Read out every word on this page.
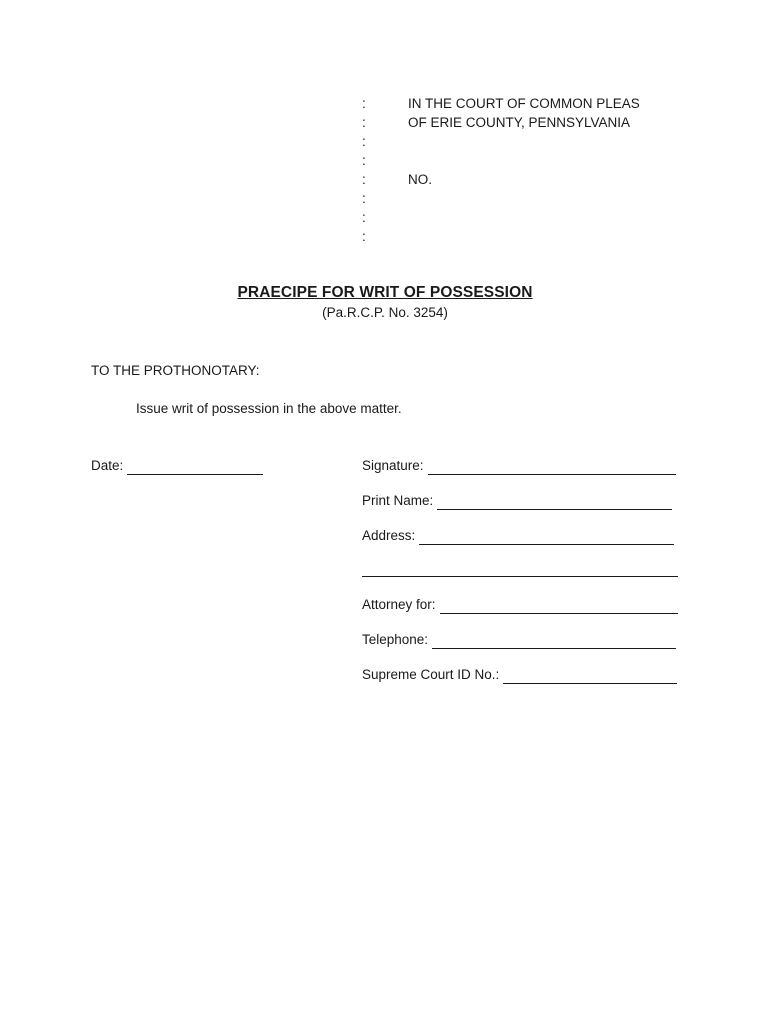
:	IN THE COURT OF COMMON PLEAS
:	OF ERIE COUNTY, PENNSYLVANIA
:
:
:	NO.
:
:
:
PRAECIPE FOR WRIT OF POSSESSION
(Pa.R.C.P. No. 3254)
TO THE PROTHONOTARY:
Issue writ of possession in the above matter.
Date:	Signature:
Print Name:
Address:
Attorney for:
Telephone:
Supreme Court ID No.:
